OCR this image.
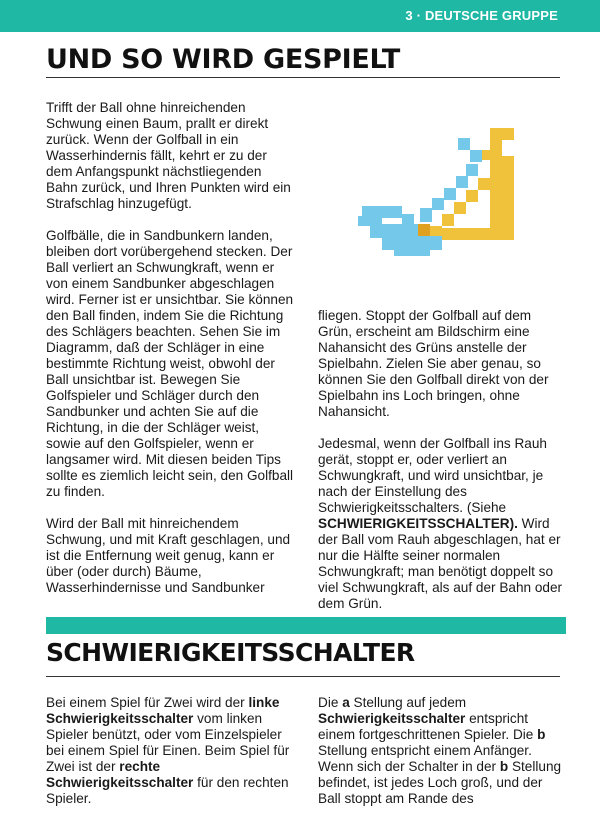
3 · DEUTSCHE GRUPPE
UND SO WIRD GESPIELT

Trifft der Ball ohne hinreichenden Schwung einen Baum, prallt er direkt zurück. Wenn der Golfball in ein Wasserhindernis fällt, kehrt er zu der dem Anfangspunkt nächstliegenden Bahn zurück, und Ihren Punkten wird ein Strafschlag hinzugefügt.

Golfbälle, die in Sandbunkern landen, bleiben dort vorübergehend stecken. Der Ball verliert an Schwungkraft, wenn er von einem Sandbunker abgeschlagen wird. Ferner ist er unsichtbar. Sie können den Ball finden, indem Sie die Richtung des Schlägers beachten. Sehen Sie im Diagramm, daß der Schläger in eine bestimmte Richtung weist, obwohl der Ball unsichtbar ist. Bewegen Sie Golfspieler und Schläger durch den Sandbunker und achten Sie auf die Richtung, in die der Schläger weist, sowie auf den Golfspieler, wenn er langsamer wird. Mit diesen beiden Tips sollte es ziemlich leicht sein, den Golfball zu finden.

Wird der Ball mit hinreichendem Schwung, und mit Kraft geschlagen, und ist die Entfernung weit genug, kann er über (oder durch) Bäume, Wasserhindernisse und Sandbunker

fliegen. Stoppt der Golfball auf dem Grün, erscheint am Bildschirm eine Nahansicht des Grüns anstelle der Spielbahn. Zielen Sie aber genau, so können Sie den Golfball direkt von der Spielbahn ins Loch bringen, ohne Nahansicht.

Jedesmal, wenn der Golfball ins Rauh gerät, stoppt er, oder verliert an Schwungkraft, und wird unsichtbar, je nach der Einstellung des Schwierigkeitsschalters. (Siehe SCHWIERIGKEITSSCHALTER). Wird der Ball vom Rauh abgeschlagen, hat er nur die Hälfte seiner normalen Schwungkraft; man benötigt doppelt so viel Schwungkraft, als auf der Bahn oder dem Grün.

SCHWIERIGKEITSSCHALTER

Bei einem Spiel für Zwei wird der linke Schwierigkeitsschalter vom linken Spieler benützt, oder vom Einzelspieler bei einem Spiel für Einen. Beim Spiel für Zwei ist der rechte Schwierigkeitsschalter für den rechten Spieler.

Die a Stellung auf jedem Schwierigkeitsschalter entspricht einem fortgeschrittenen Spieler. Die b Stellung entspricht einem Anfänger. Wenn sich der Schalter in der b Stellung befindet, ist jedes Loch groß, und der Ball stoppt am Rande des
